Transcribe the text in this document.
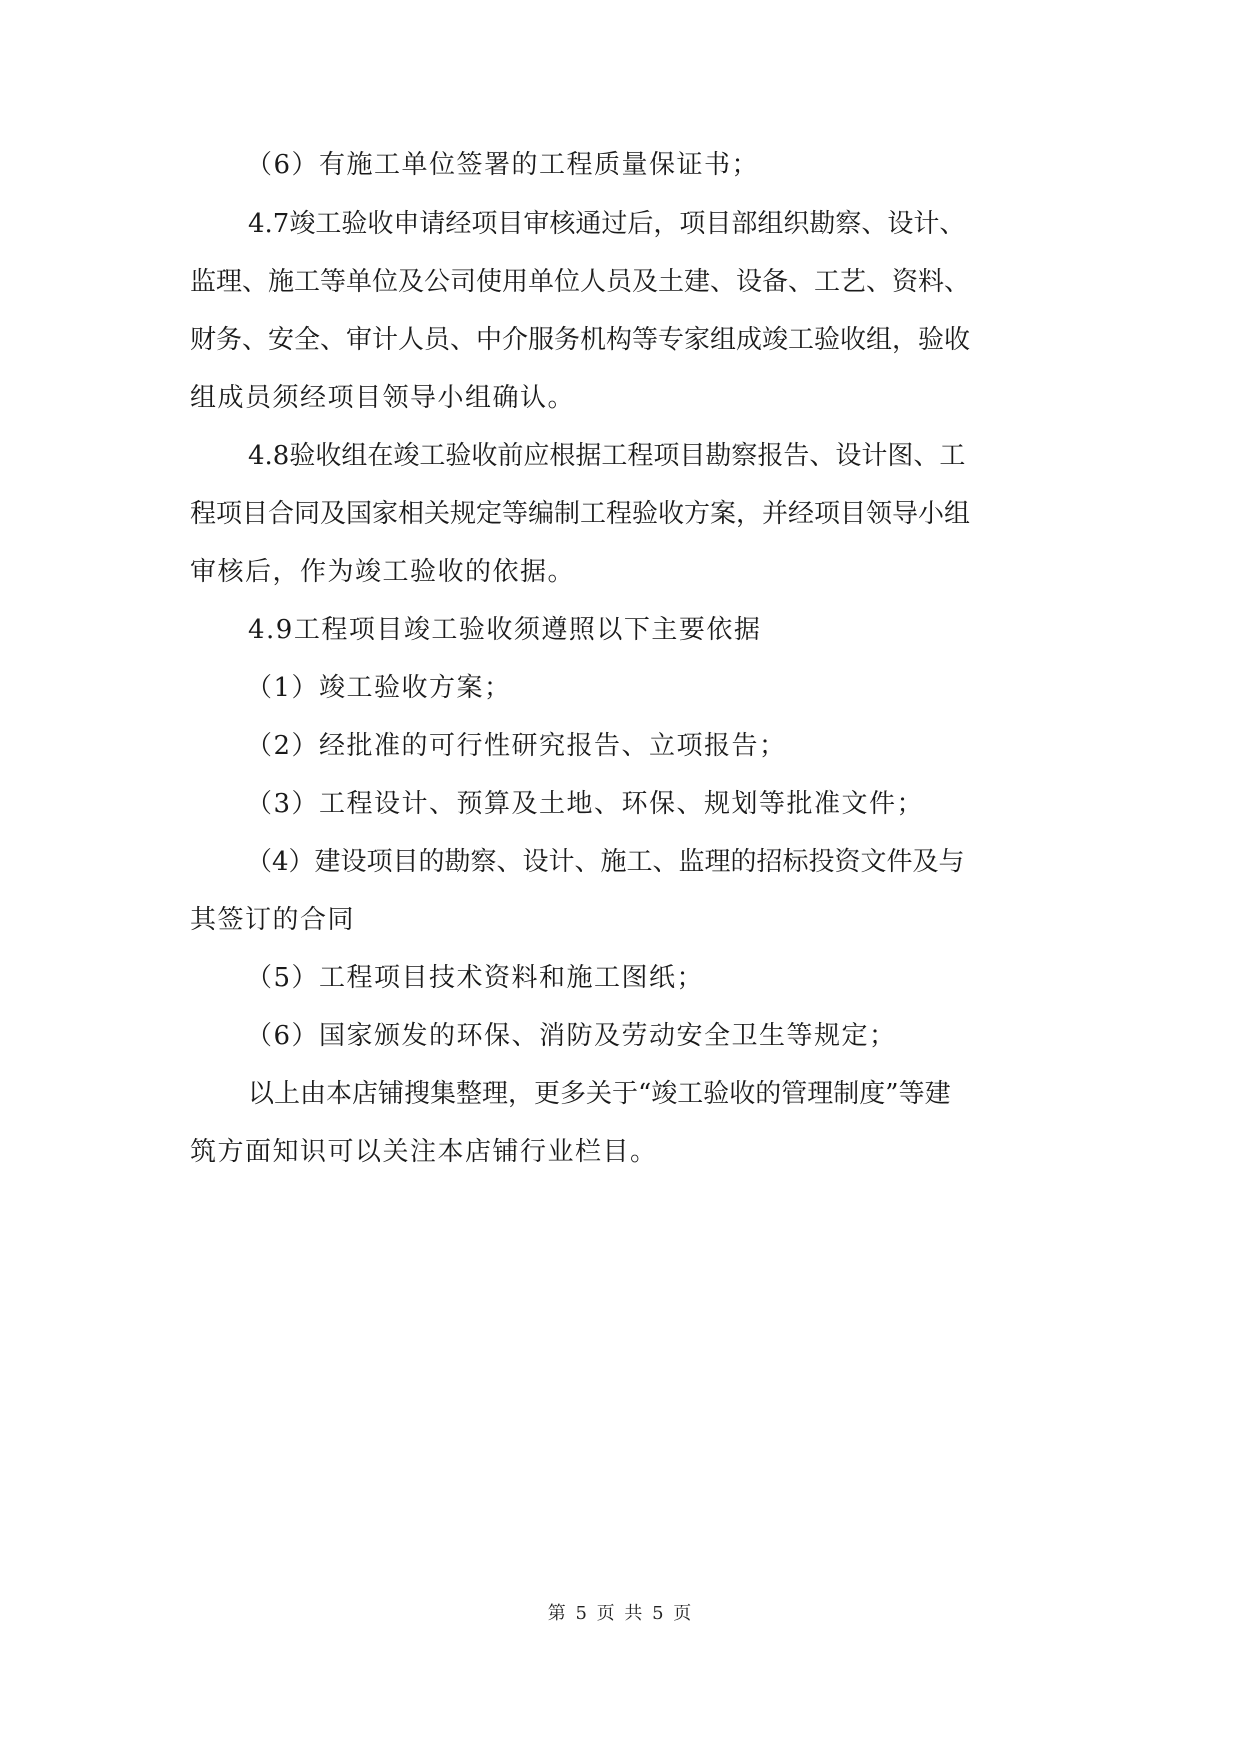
（6）有施工单位签署的工程质量保证书；
4.7竣工验收申请经项目审核通过后，项目部组织勘察、设计、
监理、施工等单位及公司使用单位人员及土建、设备、工艺、资料、
财务、安全、审计人员、中介服务机构等专家组成竣工验收组，验收
组成员须经项目领导小组确认。
4.8验收组在竣工验收前应根据工程项目勘察报告、设计图、工
程项目合同及国家相关规定等编制工程验收方案，并经项目领导小组
审核后，作为竣工验收的依据。
4.9工程项目竣工验收须遵照以下主要依据
（1）竣工验收方案；
（2）经批准的可行性研究报告、立项报告；
（3）工程设计、预算及土地、环保、规划等批准文件；
（4）建设项目的勘察、设计、施工、监理的招标投资文件及与
其签订的合同
（5）工程项目技术资料和施工图纸；
（6）国家颁发的环保、消防及劳动安全卫生等规定；
以上由本店铺搜集整理，更多关于“竣工验收的管理制度”等建
筑方面知识可以关注本店铺行业栏目。
第 5 页 共 5 页
